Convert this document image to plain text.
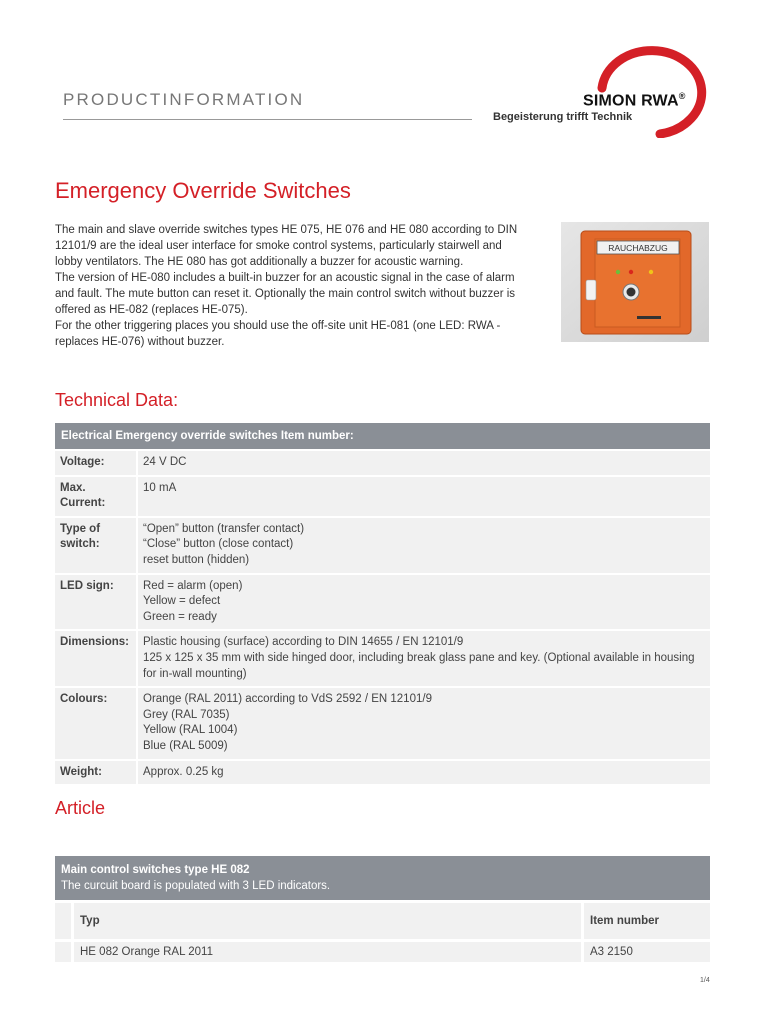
PRODUCTINFORMATION	SIMON RWA®
Begeisterung trifft Technik
Emergency Override Switches

The main and slave override switches types HE 075, HE 076 and HE 080 according to DIN 12101/9 are the ideal user interface for smoke control systems, particularly stairwell and lobby ventilators. The HE 080 has got additionally a buzzer for acoustic warning.

The version of HE-080 includes a built-in buzzer for an acoustic signal in the case of alarm and fault. The mute button can reset it. Optionally the main control switch without buzzer is offered as HE-082 (replaces HE-075).

For the other triggering places you should use the off-site unit HE-081 (one LED: RWA - replaces HE-076) without buzzer.

RAUCHABZUG
Technical Data:
Electrical Emergency override switches Item number:	
Voltage:	24 V DC
Max. Current:	10 mA
Type of switch:	“Open” button (transfer contact)
“Close” button (close contact)
reset button (hidden)
LED sign:	Red = alarm (open)
Yellow = defect
Green = ready
Dimensions:	Plastic housing (surface) according to DIN 14655 / EN 12101/9
125 x 125 x 35 mm with side hinged door, including break glass pane and key. (Optional available in housing for in-wall mounting)
Colours:	Orange (RAL 2011) according to VdS 2592 / EN 12101/9
Grey (RAL 7035)
Yellow (RAL 1004)
Blue (RAL 5009)
Weight:	Approx. 0.25 kg
Article
Main control switches type HE 082
The curcuit board is populated with 3 LED indicators.		

	Typ	Item number
	HE 082 Orange RAL 2011	A3 2150
1/4
